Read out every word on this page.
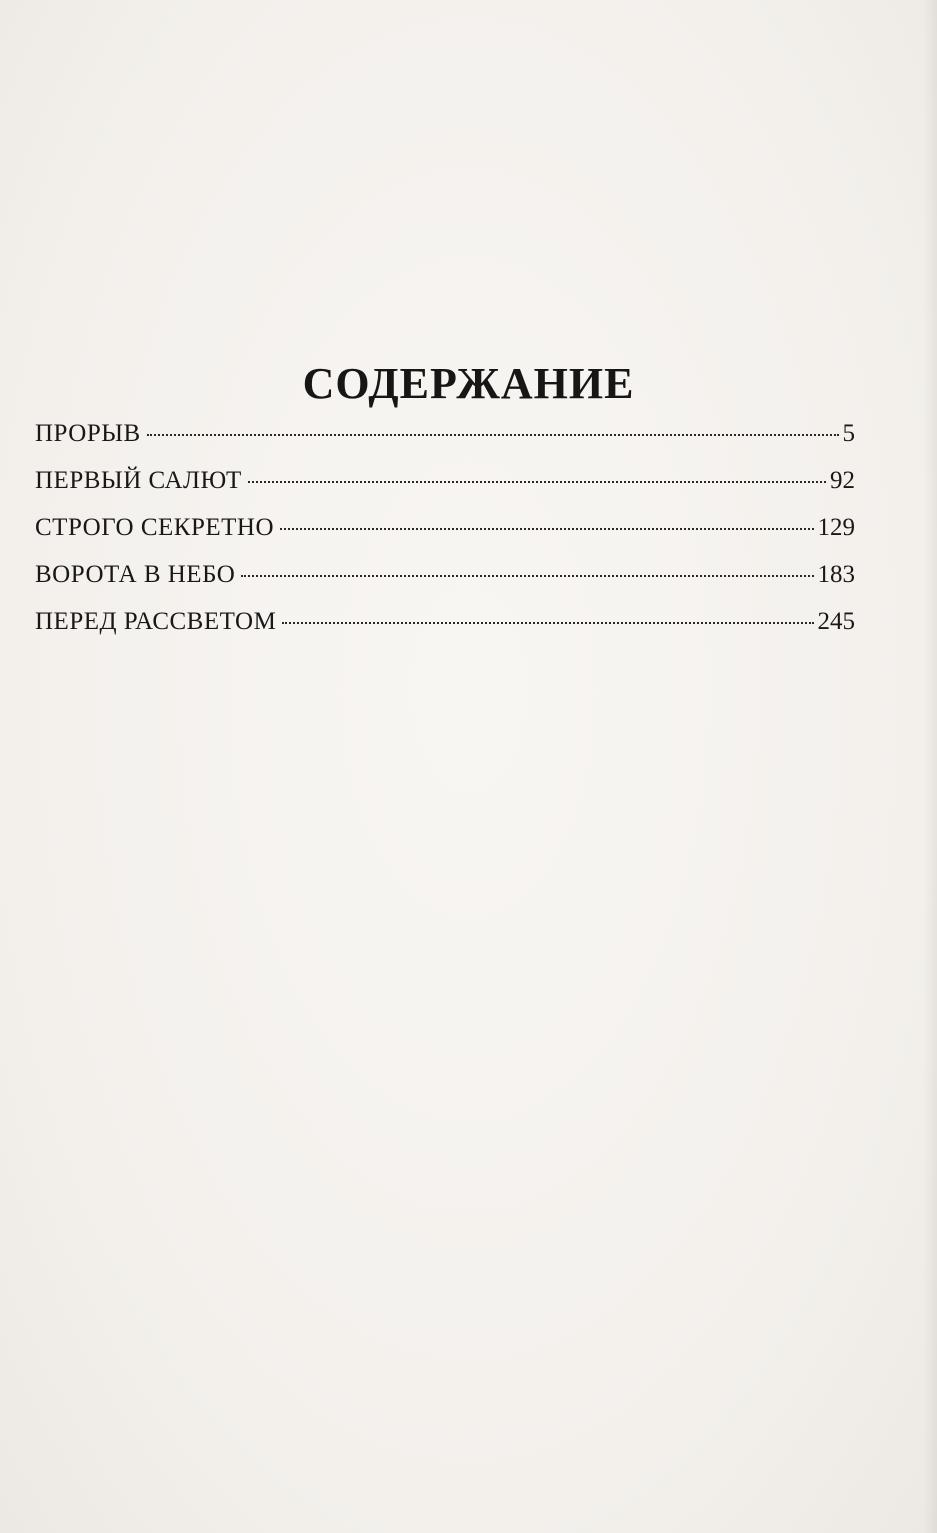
СОДЕРЖАНИЕ
ПРОРЫВ	5
ПЕРВЫЙ САЛЮТ	92
СТРОГО СЕКРЕТНО	129
ВОРОТА В НЕБО	183
ПЕРЕД РАССВЕТОМ	245
